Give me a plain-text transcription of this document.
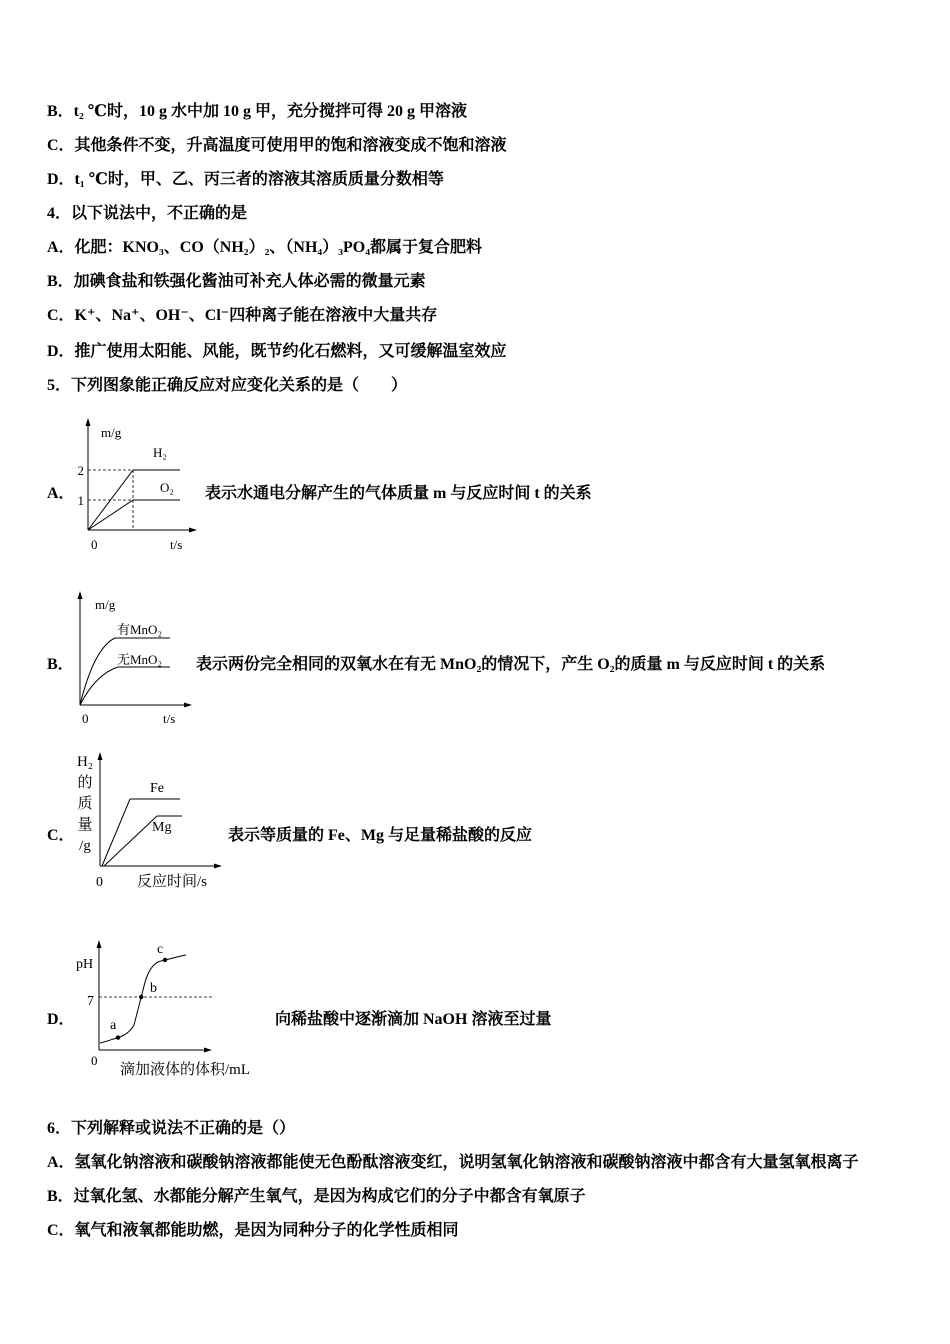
B．t₂ ℃时，10 g 水中加 10 g 甲，充分搅拌可得 20 g 甲溶液
C．其他条件不变，升高温度可使用甲的饱和溶液变成不饱和溶液
D．t₁ ℃时，甲、乙、丙三者的溶液其溶质质量分数相等
4．以下说法中，不正确的是
A．化肥：KNO₃、CO（NH₂）₂、（NH₄）₃PO₄都属于复合肥料
B．加碘食盐和铁强化酱油可补充人体必需的微量元素
C．K⁺、Na⁺、OH⁻、Cl⁻四种离子能在溶液中大量共存
D．推广使用太阳能、风能，既节约化石燃料，又可缓解温室效应
5．下列图象能正确反应对应变化关系的是（　　）
A．
m/g
t/s
0
2
1
H₂
O₂ 表示水通电分解产生的气体质量 m 与反应时间 t 的关系
B．
m/g
t/s
0
有MnO₂
无MnO₂ 表示两份完全相同的双氧水在有无 MnO₂的情况下，产生 O₂的质量 m 与反应时间 t 的关系
C．
H₂
的
质
量
/g
0 反应时间/s
Fe
Mg	表示等质量的 Fe、Mg 与足量稀盐酸的反应
D．
pH
7
0
滴加液体的体积/mL
a
b
c
向稀盐酸中逐渐滴加 NaOH 溶液至过量
6．下列解释或说法不正确的是（）
A．氢氧化钠溶液和碳酸钠溶液都能使无色酚酞溶液变红，说明氢氧化钠溶液和碳酸钠溶液中都含有大量氢氧根离子
B．过氧化氢、水都能分解产生氧气，是因为构成它们的分子中都含有氧原子
C．氧气和液氧都能助燃，是因为同种分子的化学性质相同
